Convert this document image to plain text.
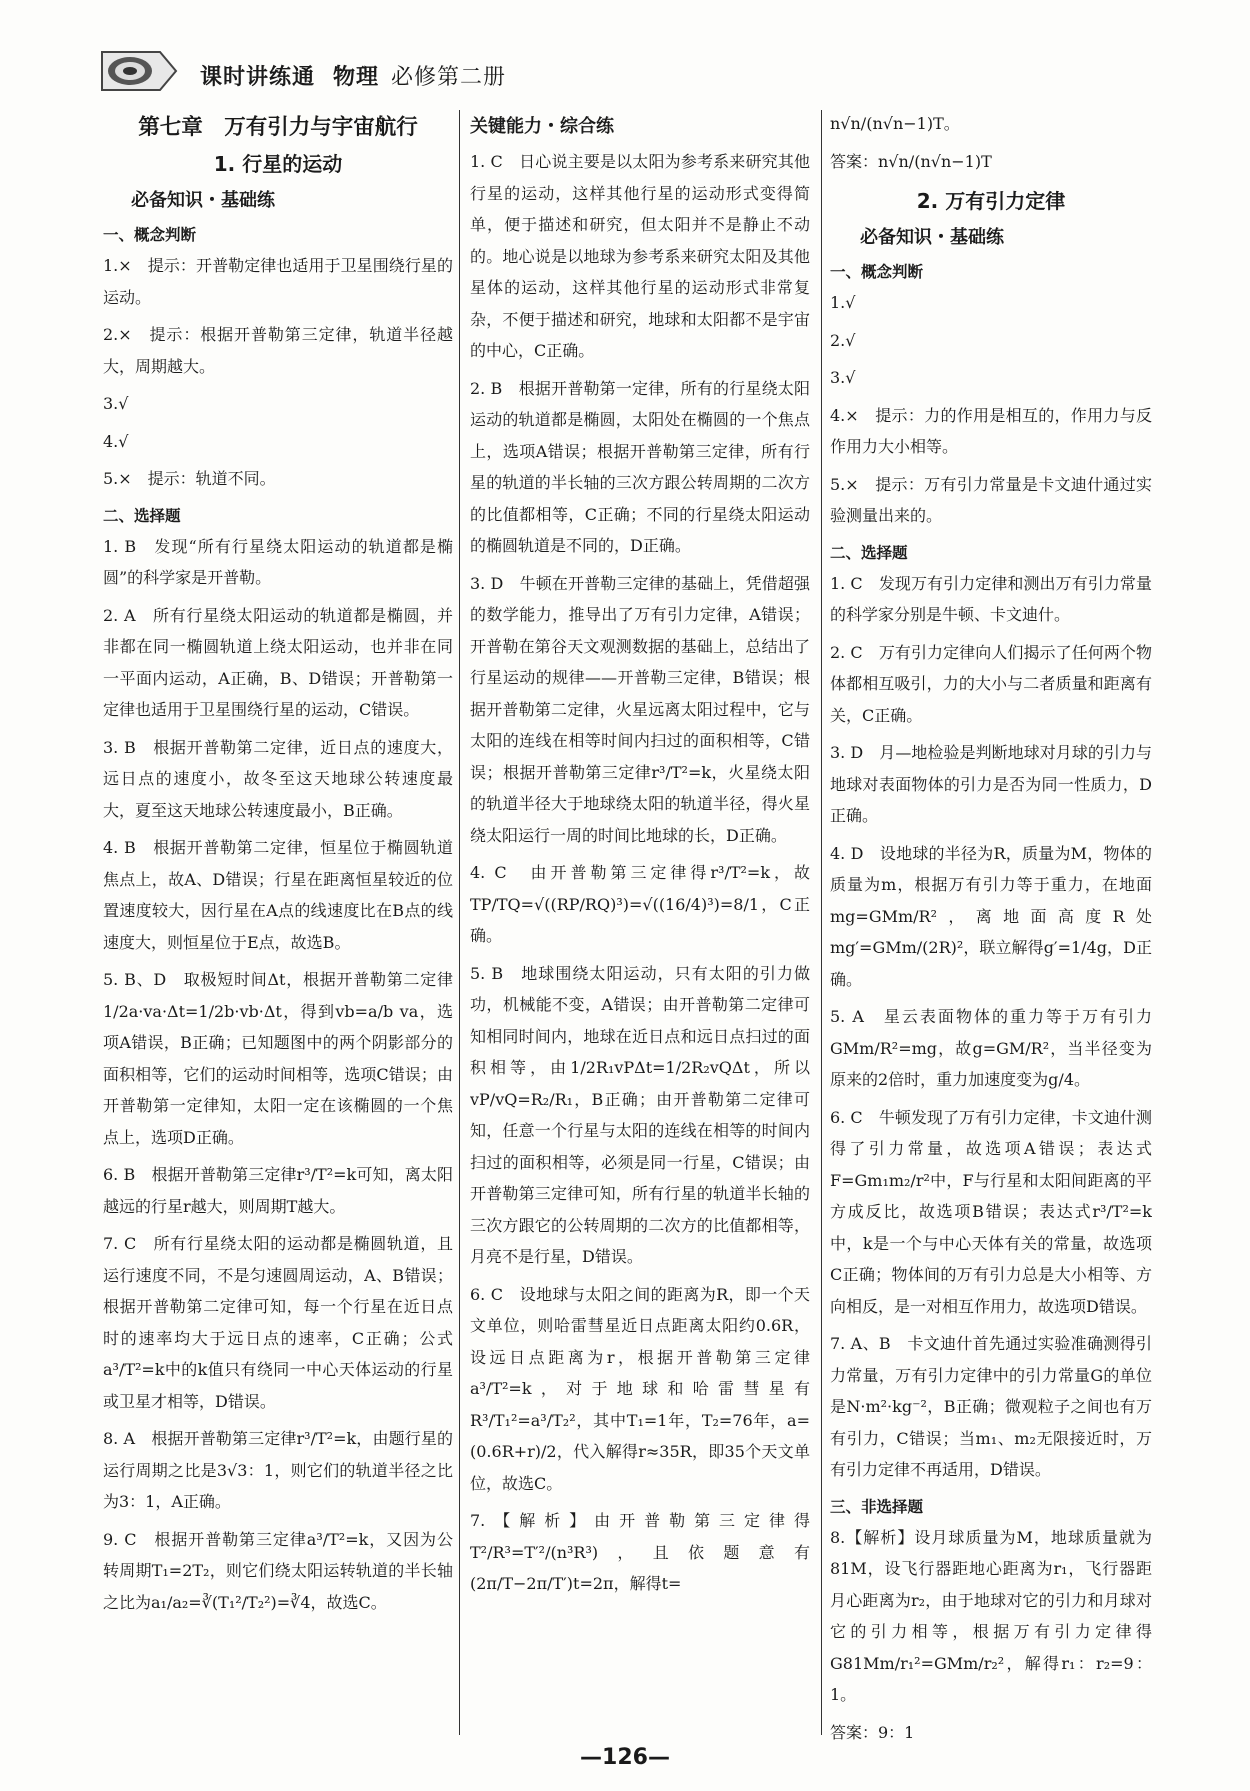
课时讲练通 物理 必修第二册
第七章　万有引力与宇宙航行
1. 行星的运动
必备知识・基础练
一、概念判断

1.×　提示：开普勒定律也适用于卫星围绕行星的运动。

2.×　提示：根据开普勒第三定律，轨道半径越大，周期越大。

3.√

4.√

5.×　提示：轨道不同。

二、选择题

1. B　发现“所有行星绕太阳运动的轨道都是椭圆”的科学家是开普勒。

2. A　所有行星绕太阳运动的轨道都是椭圆，并非都在同一椭圆轨道上绕太阳运动，也并非在同一平面内运动，A正确，B、D错误；开普勒第一定律也适用于卫星围绕行星的运动，C错误。

3. B　根据开普勒第二定律，近日点的速度大，远日点的速度小，故冬至这天地球公转速度最大，夏至这天地球公转速度最小，B正确。

4. B　根据开普勒第二定律，恒星位于椭圆轨道焦点上，故A、D错误；行星在距离恒星较近的位置速度较大，因行星在A点的线速度比在B点的线速度大，则恒星位于E点，故选B。

5. B、D　取极短时间Δt，根据开普勒第二定律1/2a·va·Δt=1/2b·vb·Δt，得到vb=a/b va，选项A错误，B正确；已知题图中的两个阴影部分的面积相等，它们的运动时间相等，选项C错误；由开普勒第一定律知，太阳一定在该椭圆的一个焦点上，选项D正确。

6. B　根据开普勒第三定律r³/T²=k可知，离太阳越远的行星r越大，则周期T越大。

7. C　所有行星绕太阳的运动都是椭圆轨道，且运行速度不同，不是匀速圆周运动，A、B错误；根据开普勒第二定律可知，每一个行星在近日点时的速率均大于远日点的速率，C正确；公式a³/T²=k中的k值只有绕同一中心天体运动的行星或卫星才相等，D错误。

8. A　根据开普勒第三定律r³/T²=k，由题行星的运行周期之比是3√3：1，则它们的轨道半径之比为3：1，A正确。

9. C　根据开普勒第三定律a³/T²=k，又因为公转周期T₁=2T₂，则它们绕太阳运转轨道的半长轴之比为a₁/a₂=∛(T₁²/T₂²)=∛4，故选C。

关键能力・综合练

1. C　日心说主要是以太阳为参考系来研究其他行星的运动，这样其他行星的运动形式变得简单，便于描述和研究，但太阳并不是静止不动的。地心说是以地球为参考系来研究太阳及其他星体的运动，这样其他行星的运动形式非常复杂，不便于描述和研究，地球和太阳都不是宇宙的中心，C正确。

2. B　根据开普勒第一定律，所有的行星绕太阳运动的轨道都是椭圆，太阳处在椭圆的一个焦点上，选项A错误；根据开普勒第三定律，所有行星的轨道的半长轴的三次方跟公转周期的二次方的比值都相等，C正确；不同的行星绕太阳运动的椭圆轨道是不同的，D正确。

3. D　牛顿在开普勒三定律的基础上，凭借超强的数学能力，推导出了万有引力定律，A错误；开普勒在第谷天文观测数据的基础上，总结出了行星运动的规律——开普勒三定律，B错误；根据开普勒第二定律，火星远离太阳过程中，它与太阳的连线在相等时间内扫过的面积相等，C错误；根据开普勒第三定律r³/T²=k，火星绕太阳的轨道半径大于地球绕太阳的轨道半径，得火星绕太阳运行一周的时间比地球的长，D正确。

4. C　由开普勒第三定律得r³/T²=k，故TP/TQ=√((RP/RQ)³)=√((16/4)³)=8/1，C正确。

5. B　地球围绕太阳运动，只有太阳的引力做功，机械能不变，A错误；由开普勒第二定律可知相同时间内，地球在近日点和远日点扫过的面积相等，由1/2R₁vPΔt=1/2R₂vQΔt，所以vP/vQ=R₂/R₁，B正确；由开普勒第二定律可知，任意一个行星与太阳的连线在相等的时间内扫过的面积相等，必须是同一行星，C错误；由开普勒第三定律可知，所有行星的轨道半长轴的三次方跟它的公转周期的二次方的比值都相等，月亮不是行星，D错误。

6. C　设地球与太阳之间的距离为R，即一个天文单位，则哈雷彗星近日点距离太阳约0.6R，设远日点距离为r，根据开普勒第三定律a³/T²=k，对于地球和哈雷彗星有R³/T₁²=a³/T₂²，其中T₁=1年，T₂=76年，a=(0.6R+r)/2，代入解得r≈35R，即35个天文单位，故选C。

7.【解析】由开普勒第三定律得T²/R³=T′²/(n³R³)，且依题意有(2π/T−2π/T′)t=2π，解得t=

n√n/(n√n−1)T。

答案：n√n/(n√n−1)T

2. 万有引力定律
必备知识・基础练
一、概念判断

1.√

2.√

3.√

4.×　提示：力的作用是相互的，作用力与反作用力大小相等。

5.×　提示：万有引力常量是卡文迪什通过实验测量出来的。

二、选择题

1. C　发现万有引力定律和测出万有引力常量的科学家分别是牛顿、卡文迪什。

2. C　万有引力定律向人们揭示了任何两个物体都相互吸引，力的大小与二者质量和距离有关，C正确。

3. D　月—地检验是判断地球对月球的引力与地球对表面物体的引力是否为同一性质力，D正确。

4. D　设地球的半径为R，质量为M，物体的质量为m，根据万有引力等于重力，在地面mg=GMm/R²，离地面高度R处mg′=GMm/(2R)²，联立解得g′=1/4g，D正确。

5. A　星云表面物体的重力等于万有引力GMm/R²=mg，故g=GM/R²，当半径变为原来的2倍时，重力加速度变为g/4。

6. C　牛顿发现了万有引力定律，卡文迪什测得了引力常量，故选项A错误；表达式F=Gm₁m₂/r²中，F与行星和太阳间距离的平方成反比，故选项B错误；表达式r³/T²=k中，k是一个与中心天体有关的常量，故选项C正确；物体间的万有引力总是大小相等、方向相反，是一对相互作用力，故选项D错误。

7. A、B　卡文迪什首先通过实验准确测得引力常量，万有引力定律中的引力常量G的单位是N·m²·kg⁻²，B正确；微观粒子之间也有万有引力，C错误；当m₁、m₂无限接近时，万有引力定律不再适用，D错误。

三、非选择题

8.【解析】设月球质量为M，地球质量就为81M，设飞行器距地心距离为r₁，飞行器距月心距离为r₂，由于地球对它的引力和月球对它的引力相等，根据万有引力定律得G81Mm/r₁²=GMm/r₂²，解得r₁：r₂=9：1。

答案：9：1

—126—
